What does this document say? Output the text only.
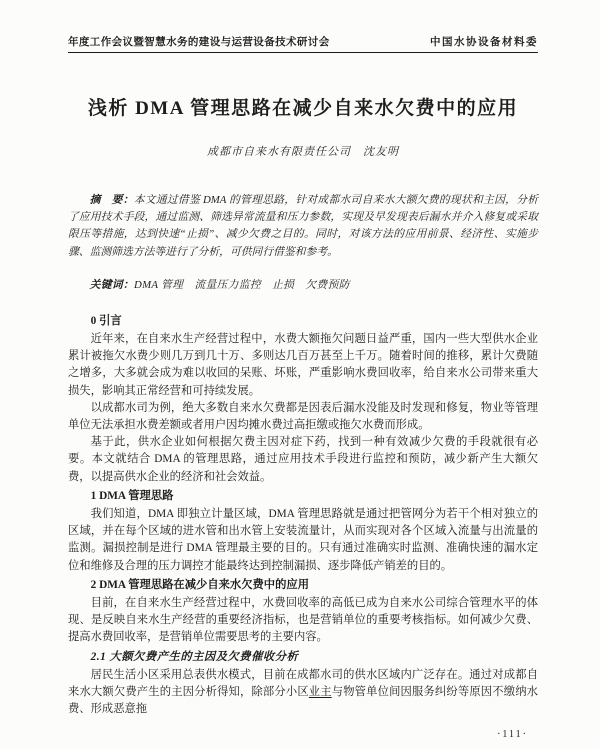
年度工作会议暨智慧水务的建设与运营设备技术研讨会	中国水协设备材料委
浅析 DMA 管理思路在减少自来水欠费中的应用
成都市自来水有限责任公司　沈友明

摘　要：本文通过借鉴 DMA 的管理思路，针对成都水司自来水大额欠费的现状和主因，分析了应用技术手段，通过监测、筛选异常流量和压力参数，实现及早发现表后漏水并介入修复或采取限压等措施，达到快速“止损”、减少欠费之目的。同时，对该方法的应用前景、经济性、实施步骤、监测筛选方法等进行了分析，可供同行借鉴和参考。

关键词：DMA 管理　流量压力监控　止损　欠费预防

0 引言

近年来，在自来水生产经营过程中，水费大额拖欠问题日益严重，国内一些大型供水企业累计被拖欠水费少则几万到几十万、多则达几百万甚至上千万。随着时间的推移，累计欠费随之增多，大多就会成为难以收回的呆账、坏账，严重影响水费回收率，给自来水公司带来重大损失，影响其正常经营和可持续发展。

以成都水司为例，绝大多数自来水欠费都是因表后漏水没能及时发现和修复，物业等管理单位无法承担水费差额或者用户因均摊水费过高拒缴或拖欠水费而形成。

基于此，供水企业如何根据欠费主因对症下药，找到一种有效减少欠费的手段就很有必要。本文就结合 DMA 的管理思路，通过应用技术手段进行监控和预防，减少新产生大额欠费，以提高供水企业的经济和社会效益。

1 DMA 管理思路

我们知道，DMA 即独立计量区域，DMA 管理思路就是通过把管网分为若干个相对独立的区域，并在每个区域的进水管和出水管上安装流量计，从而实现对各个区域入流量与出流量的监测。漏损控制是进行 DMA 管理最主要的目的。只有通过准确实时监测、准确快速的漏水定位和维修及合理的压力调控才能最终达到控制漏损、逐步降低产销差的目的。

2 DMA 管理思路在减少自来水欠费中的应用

目前，在自来水生产经营过程中，水费回收率的高低已成为自来水公司综合管理水平的体现、是反映自来水生产经营的重要经济指标，也是营销单位的重要考核指标。如何减少欠费、提高水费回收率，是营销单位需要思考的主要内容。

2.1 大额欠费产生的主因及欠费催收分析

居民生活小区采用总表供水模式，目前在成都水司的供水区域内广泛存在。通过对成都自来水大额欠费产生的主因分析得知，除部分小区业主与物管单位间因服务纠纷等原因不缴纳水费、形成恶意拖

·111·
